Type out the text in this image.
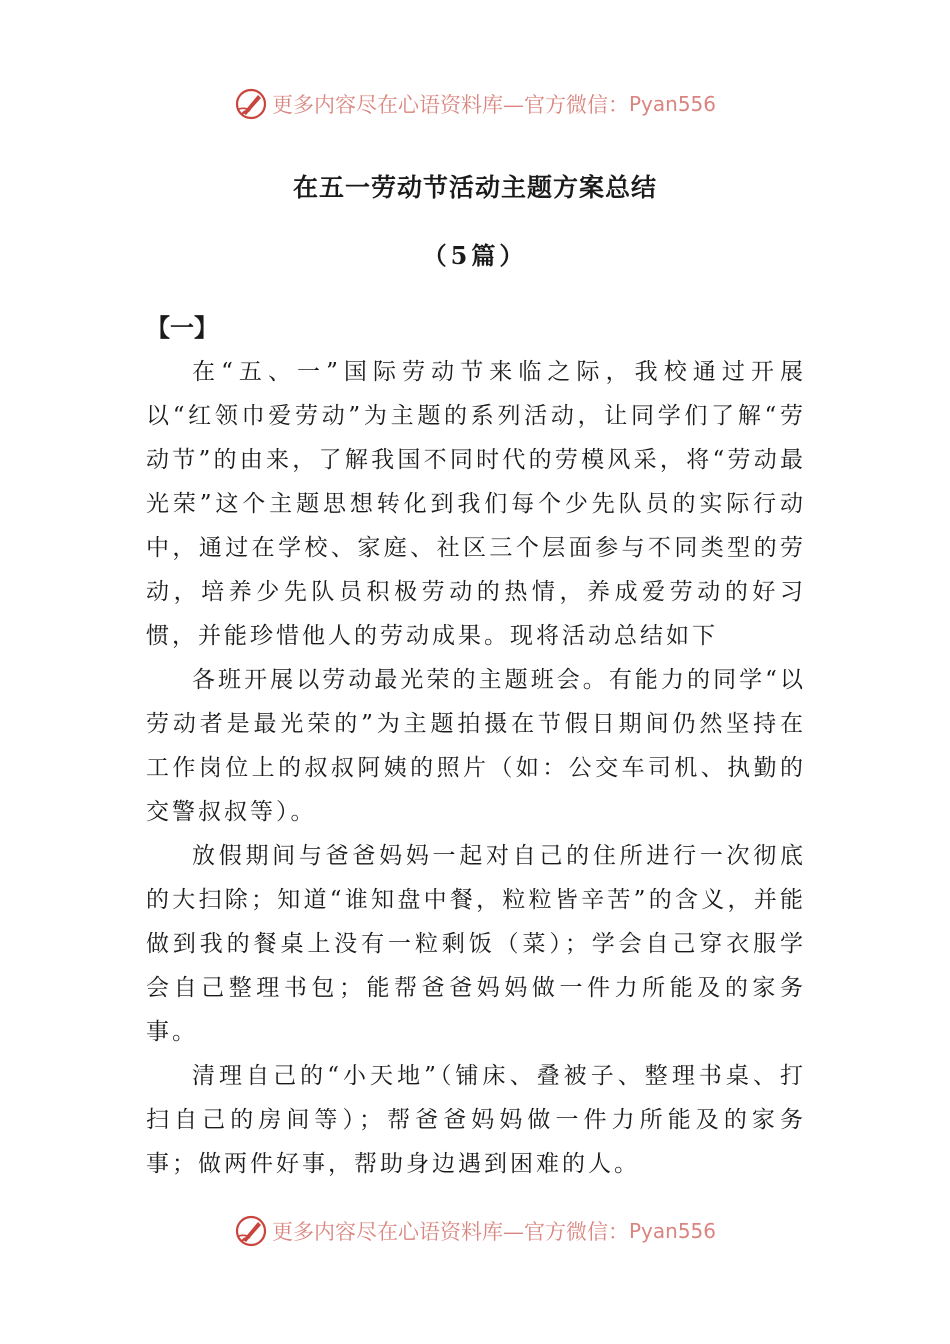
更多内容尽在心语资料库—官方微信： Pyan556
在五一劳动节活动主题方案总结
（5篇）
【一】

在“五、一”国际劳动节来临之际，我校通过开展以“红领巾爱劳动”为主题的系列活动，让同学们了解“劳动节”的由来，了解我国不同时代的劳模风采，将“劳动最光荣”这个主题思想转化到我们每个少先队员的实际行动中，通过在学校、家庭、社区三个层面参与不同类型的劳动，培养少先队员积极劳动的热情，养成爱劳动的好习惯，并能珍惜他人的劳动成果。现将活动总结如下

各班开展以劳动最光荣的主题班会。有能力的同学“以劳动者是最光荣的”为主题拍摄在节假日期间仍然坚持在工作岗位上的叔叔阿姨的照片（如：公交车司机、执勤的交警叔叔等）。

放假期间与爸爸妈妈一起对自己的住所进行一次彻底的大扫除；知道“谁知盘中餐，粒粒皆辛苦”的含义，并能做到我的餐桌上没有一粒剩饭（菜）；学会自己穿衣服学会自己整理书包；能帮爸爸妈妈做一件力所能及的家务事。

清理自己的“小天地”（铺床、叠被子、整理书桌、打扫自己的房间等）；帮爸爸妈妈做一件力所能及的家务事；做两件好事，帮助身边遇到困难的人。

更多内容尽在心语资料库—官方微信： Pyan556
